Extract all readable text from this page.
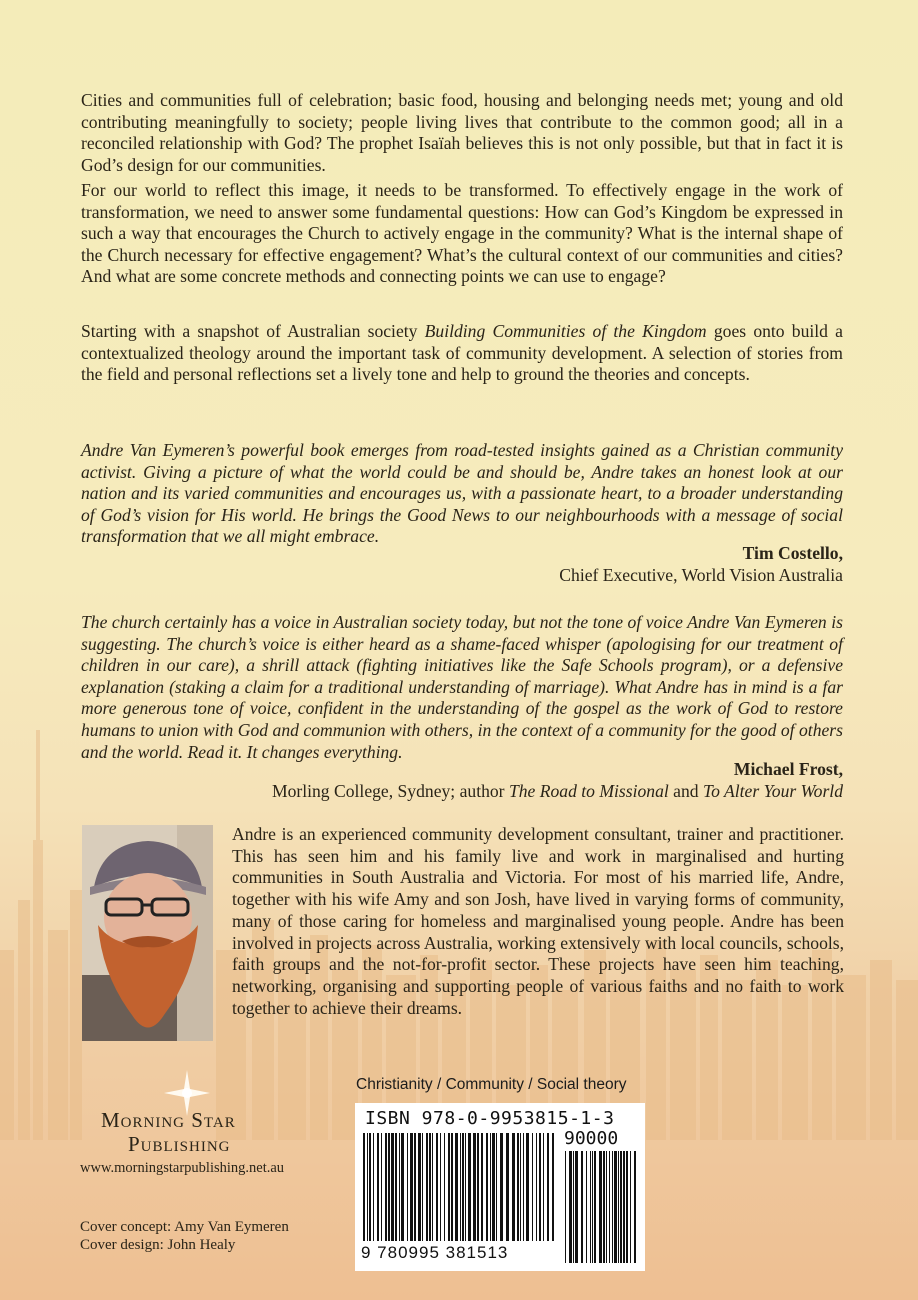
Cities and communities full of celebration; basic food, housing and belonging needs met; young and old contributing meaningfully to society; people living lives that contribute to the common good; all in a reconciled relationship with God? The prophet Isaïah believes this is not only possible, but that in fact it is God’s design for our communities.

For our world to reflect this image, it needs to be transformed. To effectively engage in the work of transformation, we need to answer some fundamental questions: How can God’s Kingdom be expressed in such a way that encourages the Church to actively engage in the community? What is the internal shape of the Church necessary for effective engagement? What’s the cultural context of our communities and cities? And what are some concrete methods and connecting points we can use to engage?

Starting with a snapshot of Australian society Building Communities of the Kingdom goes onto build a contextualized theology around the important task of community development. A selection of stories from the field and personal reflections set a lively tone and help to ground the theories and concepts.

Andre Van Eymeren’s powerful book emerges from road-tested insights gained as a Christian community activist. Giving a picture of what the world could be and should be, Andre takes an honest look at our nation and its varied communities and encourages us, with a passionate heart, to a broader understanding of God’s vision for His world. He brings the Good News to our neighbourhoods with a message of social transformation that we all might embrace.

Tim Costello,
Chief Executive, World Vision Australia

The church certainly has a voice in Australian society today, but not the tone of voice Andre Van Eymeren is suggesting. The church’s voice is either heard as a shame-faced whisper (apologising for our treatment of children in our care), a shrill attack (fighting initiatives like the Safe Schools program), or a defensive explanation (staking a claim for a traditional understanding of marriage). What Andre has in mind is a far more generous tone of voice, confident in the understanding of the gospel as the work of God to restore humans to union with God and communion with others, in the context of a community for the good of others and the world. Read it. It changes everything.

Michael Frost,
Morling College, Sydney; author The Road to Missional and To Alter Your World

Andre is an experienced community development consultant, trainer and practitioner. This has seen him and his family live and work in marginalised and hurting communities in South Australia and Victoria. For most of his married life, Andre, together with his wife Amy and son Josh, have lived in varying forms of community, many of those caring for homeless and marginalised young people. Andre has been involved in projects across Australia, working extensively with local councils, schools, faith groups and the not-for-profit sector. These projects have seen him teaching, networking, organising and supporting people of various faiths and no faith to work together to achieve their dreams.

Morning Star
Publishing
www.morningstarpublishing.net.au
Christianity / Community / Social theory
ISBN 978-0-9953815-1-3
90000
9 780995 381513
Cover concept: Amy Van Eymeren
Cover design: John Healy
